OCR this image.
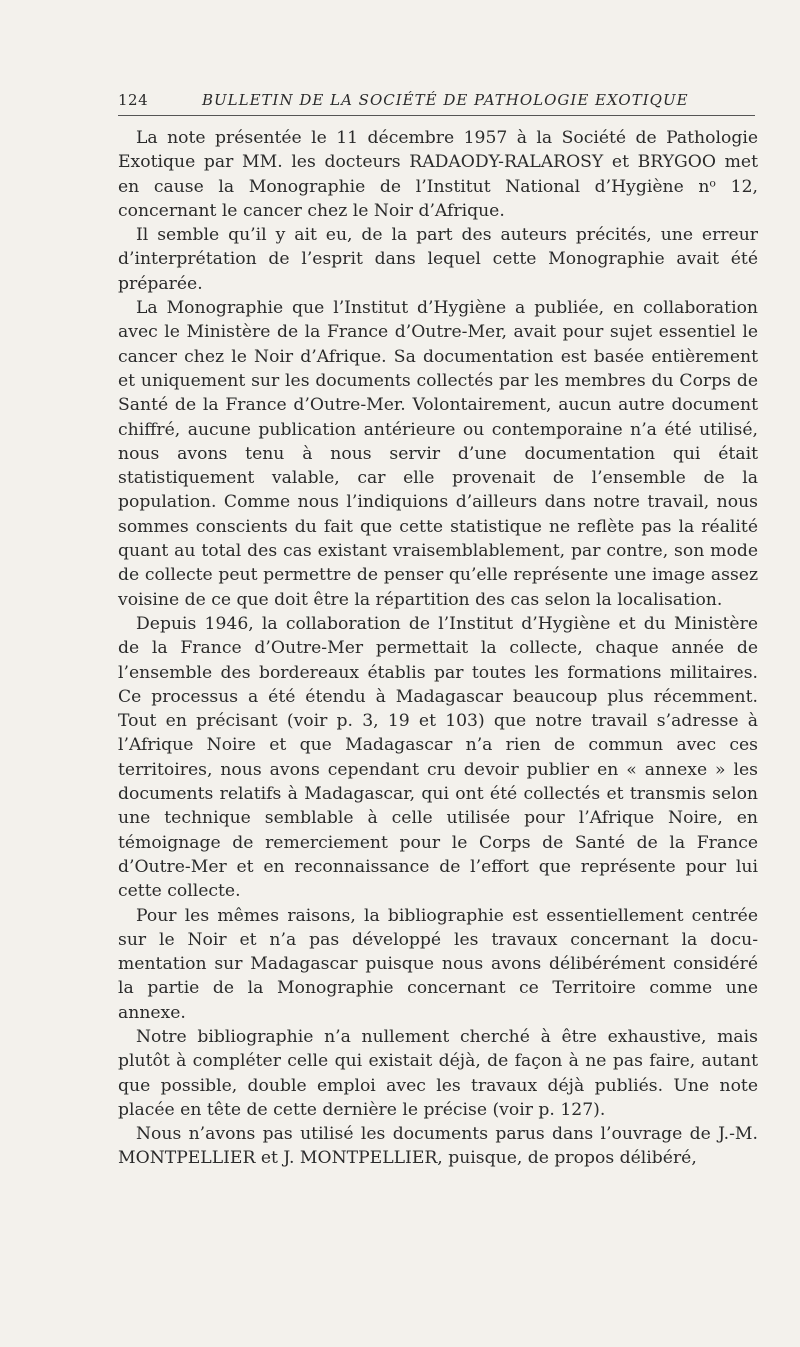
124	BULLETIN DE LA SOCIÉTÉ DE PATHOLOGIE EXOTIQUE

La note présentée le 11 décembre 1957 à la Société de Pathologie Exotique par MM. les docteurs RADAODY-RALAROSY et BRYGOO met en cause la Monographie de l’Institut National d’Hygiène nᵒ 12, concernant le cancer chez le Noir d’Afrique.

Il semble qu’il y ait eu, de la part des auteurs précités, une erreur d’interprétation de l’esprit dans lequel cette Monographie avait été préparée.

La Monographie que l’Institut d’Hygiène a publiée, en collaboration avec le Ministère de la France d’Outre-Mer, avait pour sujet essentiel le cancer chez le Noir d’Afrique. Sa documentation est basée entièrement et uniquement sur les documents collectés par les membres du Corps de Santé de la France d’Outre-Mer. Volontairement, aucun autre document chiffré, aucune publication antérieure ou contemporaine n’a été utilisé, nous avons tenu à nous servir d’une documentation qui était statistiquement valable, car elle provenait de l’ensemble de la population. Comme nous l’indiquions d’ailleurs dans notre travail, nous sommes conscients du fait que cette statistique ne reflète pas la réalité quant au total des cas existant vraisemblablement, par contre, son mode de collecte peut permettre de penser qu’elle représente une image assez voisine de ce que doit être la répartition des cas selon la localisation.

Depuis 1946, la collaboration de l’Institut d’Hygiène et du Ministère de la France d’Outre-Mer permettait la collecte, chaque année de l’ensemble des bordereaux établis par toutes les formations militaires. Ce processus a été étendu à Madagascar beaucoup plus récemment. Tout en précisant (voir p. 3, 19 et 103) que notre travail s’adresse à l’Afrique Noire et que Madagascar n’a rien de commun avec ces territoires, nous avons cependant cru devoir publier en « annexe » les documents relatifs à Madagascar, qui ont été collectés et transmis selon une technique semblable à celle utilisée pour l’Afrique Noire, en témoignage de remerciement pour le Corps de Santé de la France d’Outre-Mer et en reconnaissance de l’effort que représente pour lui cette collecte.

Pour les mêmes raisons, la bibliographie est essentiellement centrée sur le Noir et n’a pas développé les travaux concernant la documentation sur Madagascar puisque nous avons délibérément considéré la partie de la Monographie concernant ce Territoire comme une annexe.

Notre bibliographie n’a nullement cherché à être exhaustive, mais plutôt à compléter celle qui existait déjà, de façon à ne pas faire, autant que possible, double emploi avec les travaux déjà publiés. Une note placée en tête de cette dernière le précise (voir p. 127).

Nous n’avons pas utilisé les documents parus dans l’ouvrage de J.-M. MONTPELLIER et J. MONTPELLIER, puisque, de propos délibéré,
